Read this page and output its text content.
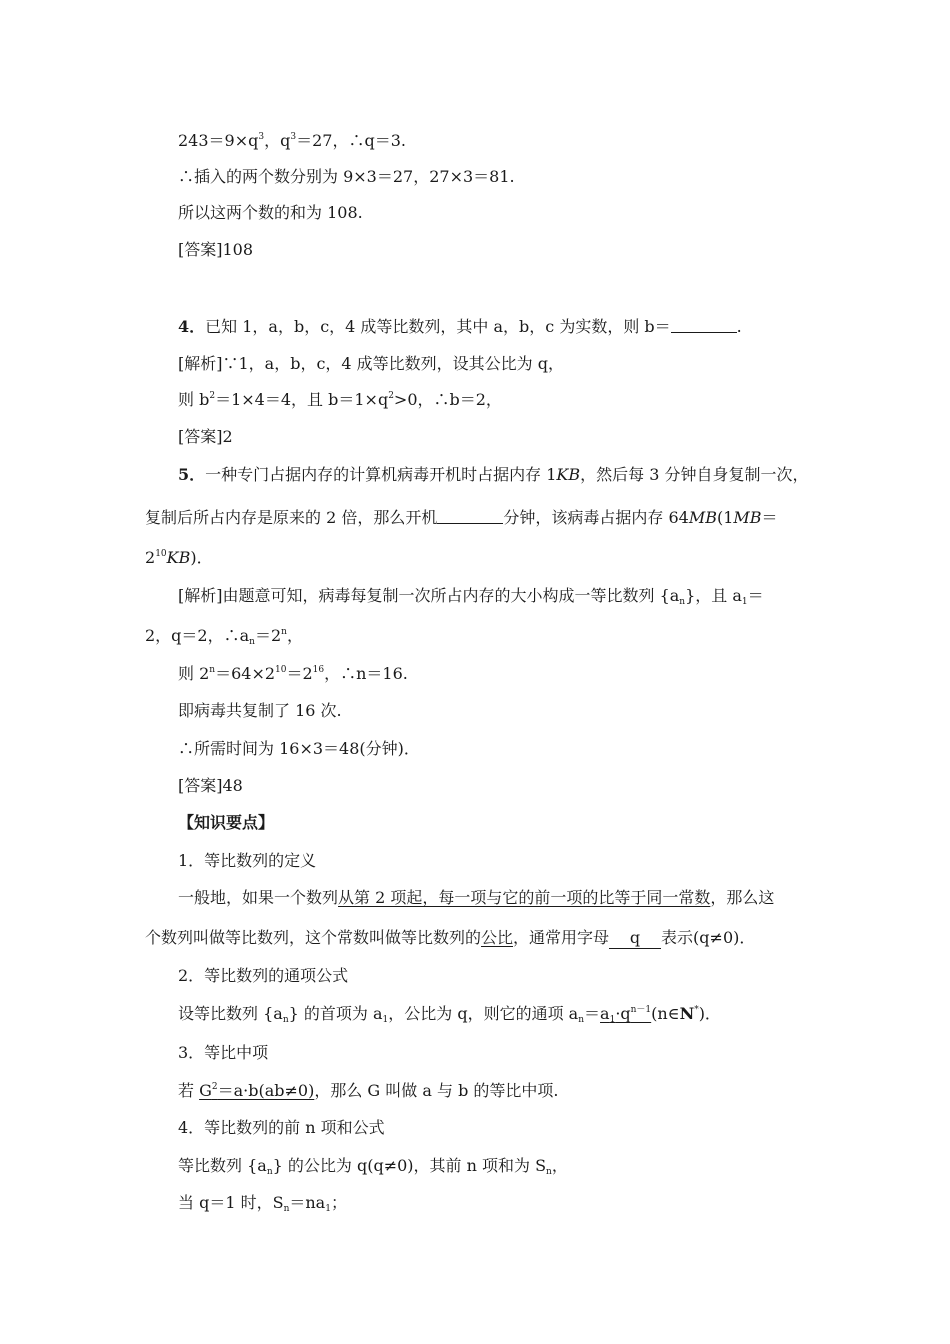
$243=9\times q^3$，$q^3=27$，∴q＝3.
∴插入的两个数分别为 9×3＝27，27×3＝81.
所以这两个数的和为 108.
[答案]108
4．已知 1，a，b，c，4 成等比数列，其中 a，b，c 为实数，则 b＝	.
[解析]∵1，a，b，c，4 成等比数列，设其公比为 q，
则 $b^2=1\times 4=4$，且 $b=1\times q^2>0$，∴b＝2，
[答案]2
5．一种专门占据内存的计算机病毒开机时占据内存 1KB，然后每 3 分钟自身复制一次，
复制后所占内存是原来的 2 倍，那么开机	分钟，该病毒占据内存 64MB(1MB＝
$2^{10}KB$)．
[解析]由题意可知，病毒每复制一次所占内存的大小构成一等比数列 $\{a_n\}$，且 $a_1=$
2，q＝2，$\therefore a_n=2^n$，
则 $2^n=64\times 2^{10}=2^{16}$，∴n＝16.
即病毒共复制了 16 次.
∴所需时间为 16×3＝48(分钟)．
[答案]48
【知识要点】
1．等比数列的定义
一般地，如果一个数列从第 2 项起，每一项与它的前一项的比等于同一常数，那么这
个数列叫做等比数列，这个常数叫做等比数列的公比，通常用字母 q 表示(q≠0)．
2．等比数列的通项公式
设等比数列 $\{a_n\}$ 的首项为 $a_1$，公比为 q，则它的通项 $a_n=a_1\cdot q^{n-1}(n\in N^*)$．
3．等比中项
若 $G^2=a\cdot b(ab\ne 0)$，那么 G 叫做 a 与 b 的等比中项.
4．等比数列的前 n 项和公式
等比数列 $\{a_n\}$ 的公比为 q(q≠0)，其前 n 项和为 $S_n$，
当 q＝1 时，$S_n=na_1$；
